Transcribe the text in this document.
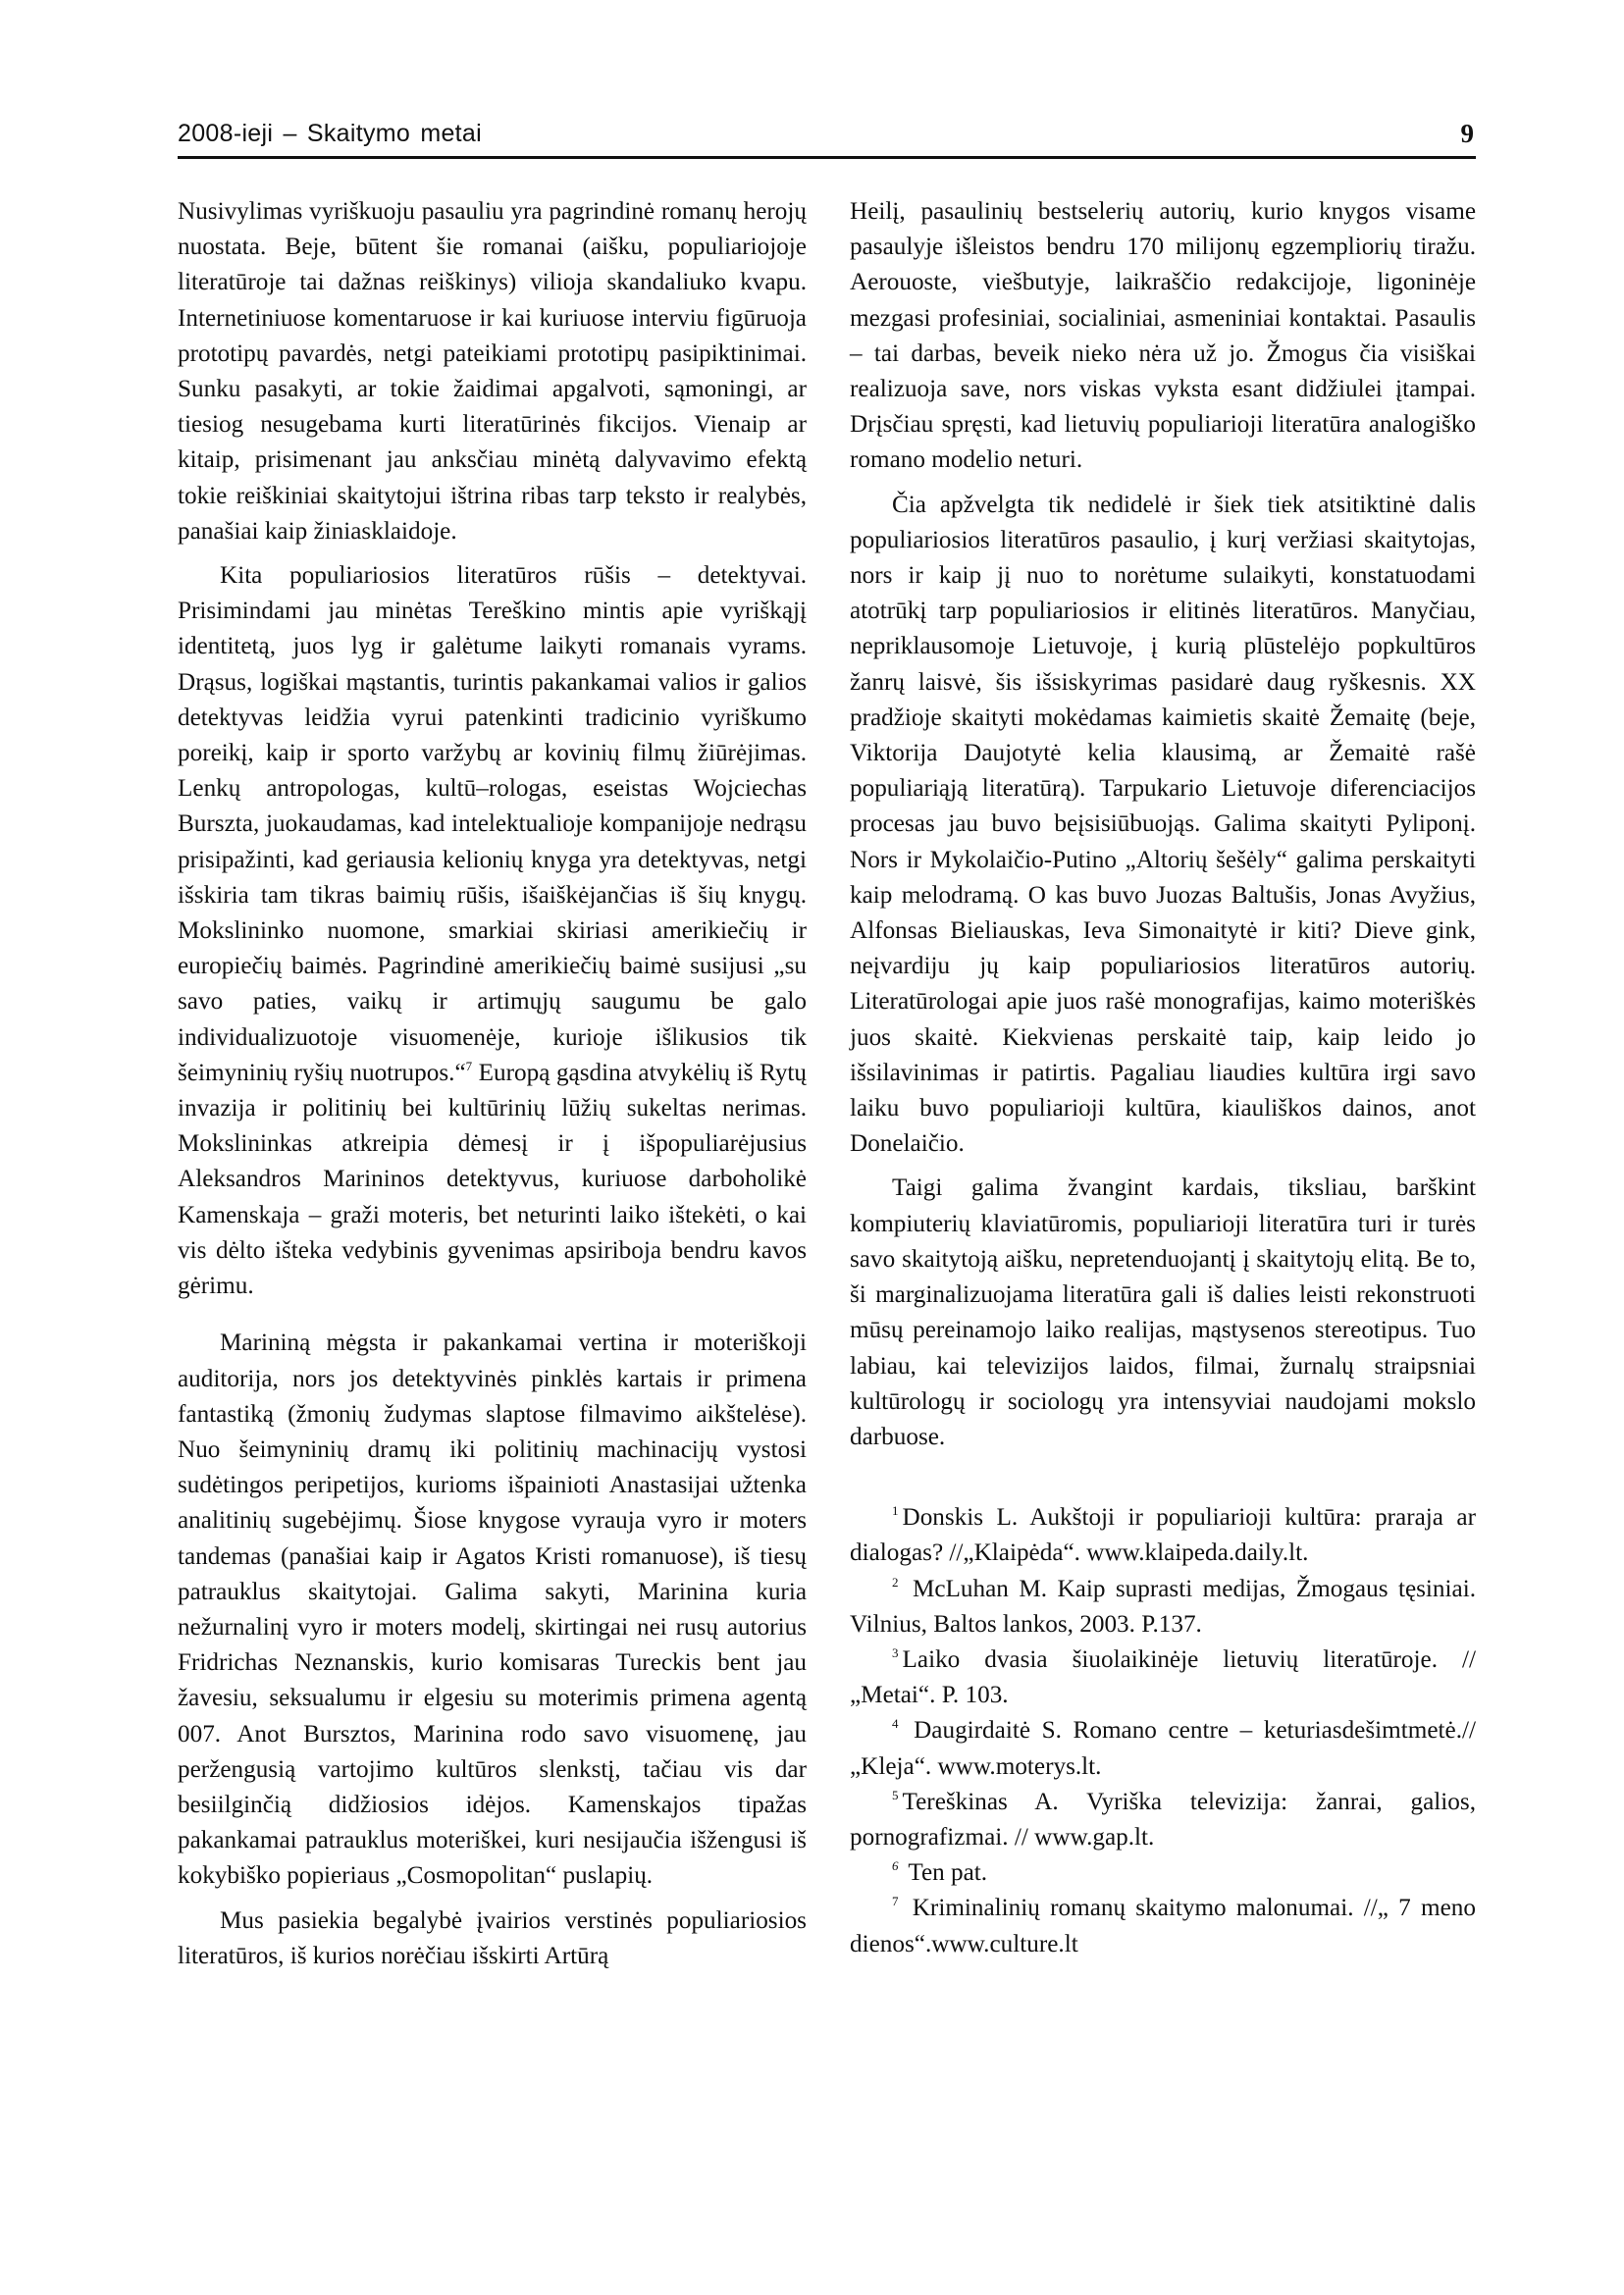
2008-ieji – Skaitymo metai	9

Nusivylimas vyriškuoju pasauliu yra pagrindinė romanų herojų nuostata. Beje, būtent šie romanai (aišku, populiariojoje literatūroje tai dažnas reiškinys) vilioja skandaliuko kvapu. Internetiniuose komentaruose ir kai kuriuose interviu figūruoja prototipų pavardės, netgi pateikiami prototipų pasipiktinimai. Sunku pasakyti, ar tokie žaidimai apgalvoti, sąmoningi, ar tiesiog nesugebama kurti literatūrinės fikcijos. Vienaip ar kitaip, prisimenant jau anksčiau minėtą dalyvavimo efektą tokie reiškiniai skaitytojui ištrina ribas tarp teksto ir realybės, panašiai kaip žiniasklaidoje.

Kita populiariosios literatūros rūšis – detektyvai. Prisimindami jau minėtas Tereškino mintis apie vyriškąjį identitetą, juos lyg ir galėtume laikyti romanais vyrams. Drąsus, logiškai mąstantis, turintis pakankamai valios ir galios detektyvas leidžia vyrui patenkinti tradicinio vyriškumo poreikį, kaip ir sporto varžybų ar kovinių filmų žiūrėjimas. Lenkų antropologas, kultū–rologas, eseistas Wojciechas Burszta, juokaudamas, kad intelektualioje kompanijoje nedrąsu prisipažinti, kad geriausia kelionių knyga yra detektyvas, netgi išskiria tam tikras baimių rūšis, išaiškėjančias iš šių knygų. Mokslininko nuomone, smarkiai skiriasi amerikiečių ir europiečių baimės. Pagrindinė amerikiečių baimė susijusi „su savo paties, vaikų ir artimųjų saugumu be galo individualizuotoje visuomenėje, kurioje išlikusios tik šeimyninių ryšių nuotrupos.“$^7$ Europą gąsdina atvykėlių iš Rytų invazija ir politinių bei kultūrinių lūžių sukeltas nerimas. Mokslininkas atkreipia dėmesį ir į išpopuliarėjusius Aleksandros Marininos detektyvus, kuriuose darboholikė Kamenskaja – graži moteris, bet neturinti laiko ištekėti, o kai vis dėlto išteka vedybinis gyvenimas apsiriboja bendru kavos gėrimu.

Marininą mėgsta ir pakankamai vertina ir moteriškoji auditorija, nors jos detektyvinės pinklės kartais ir primena fantastiką (žmonių žudymas slaptose filmavimo aikštelėse). Nuo šeimyninių dramų iki politinių machinacijų vystosi sudėtingos peripetijos, kurioms išpainioti Anastasijai užtenka analitinių sugebėjimų. Šiose knygose vyrauja vyro ir moters tandemas (panašiai kaip ir Agatos Kristi romanuose), iš tiesų patrauklus skaitytojai. Galima sakyti, Marinina kuria nežurnalinį vyro ir moters modelį, skirtingai nei rusų autorius Fridrichas Neznanskis, kurio komisaras Tureckis bent jau žavesiu, seksualumu ir elgesiu su moterimis primena agentą 007. Anot Bursztos, Marinina rodo savo visuomenę, jau peržengusią vartojimo kultūros slenkstį, tačiau vis dar besiilginčią didžiosios idėjos. Kamenskajos tipažas pakankamai patrauklus moteriškei, kuri nesijaučia išžengusi iš kokybiško popieriaus „Cosmopolitan“ puslapių.

Mus pasiekia begalybė įvairios verstinės populiariosios literatūros, iš kurios norėčiau išskirti Artūrą

Heilį, pasaulinių bestselerių autorių, kurio knygos visame pasaulyje išleistos bendru 170 milijonų egzempliorių tiražu. Aerouoste, viešbutyje, laikraščio redakcijoje, ligoninėje mezgasi profesiniai, socialiniai, asmeniniai kontaktai. Pasaulis – tai darbas, beveik nieko nėra už jo. Žmogus čia visiškai realizuoja save, nors viskas vyksta esant didžiulei įtampai. Drįsčiau spręsti, kad lietuvių populiarioji literatūra analogiško romano modelio neturi.

Čia apžvelgta tik nedidelė ir šiek tiek atsitiktinė dalis populiariosios literatūros pasaulio, į kurį veržiasi skaitytojas, nors ir kaip jį nuo to norėtume sulaikyti, konstatuodami atotrūkį tarp populiariosios ir elitinės literatūros. Manyčiau, nepriklausomoje Lietuvoje, į kurią plūstelėjo popkultūros žanrų laisvė, šis išsiskyrimas pasidarė daug ryškesnis. XX pradžioje skaityti mokėdamas kaimietis skaitė Žemaitę (beje, Viktorija Daujotytė kelia klausimą, ar Žemaitė rašė populiariąją literatūrą). Tarpukario Lietuvoje diferenciacijos procesas jau buvo beįsisiūbuojąs. Galima skaityti Pyliponį. Nors ir Mykolaičio-Putino „Altorių šešėly“ galima perskaityti kaip melodramą. O kas buvo Juozas Baltušis, Jonas Avyžius, Alfonsas Bieliauskas, Ieva Simonaitytė ir kiti? Dieve gink, neįvardiju jų kaip populiariosios literatūros autorių. Literatūrologai apie juos rašė monografijas, kaimo moteriškės juos skaitė. Kiekvienas perskaitė taip, kaip leido jo išsilavinimas ir patirtis. Pagaliau liaudies kultūra irgi savo laiku buvo populiarioji kultūra, kiauliškos dainos, anot Donelaičio.

Taigi galima žvangint kardais, tiksliau, barškint kompiuterių klaviatūromis, populiarioji literatūra turi ir turės savo skaitytoją aišku, nepretenduojantį į skaitytojų elitą. Be to, ši marginalizuojama literatūra gali iš dalies leisti rekonstruoti mūsų pereinamojo laiko realijas, mąstysenos stereotipus. Tuo labiau, kai televizijos laidos, filmai, žurnalų straipsniai kultūrologų ir sociologų yra intensyviai naudojami mokslo darbuose.

$^1$ Donskis L. Aukštoji ir populiarioji kultūra: praraja ar dialogas? //„Klaipėda“. www.klaipeda.daily.lt.

$^2$ McLuhan M. Kaip suprasti medijas, Žmogaus tęsiniai. Vilnius, Baltos lankos, 2003. P.137.

$^3$ Laiko dvasia šiuolaikinėje lietuvių literatūroje. // „Metai“. P. 103.

$^4$ Daugirdaitė S. Romano centre – keturiasdešimtmetė.// „Kleja“. www.moterys.lt.

$^5$ Tereškinas A. Vyriška televizija: žanrai, galios, pornografizmai. // www.gap.lt.

$^6$ Ten pat.

$^7$ Kriminalinių romanų skaitymo malonumai. //„ 7 meno dienos“.www.culture.lt
